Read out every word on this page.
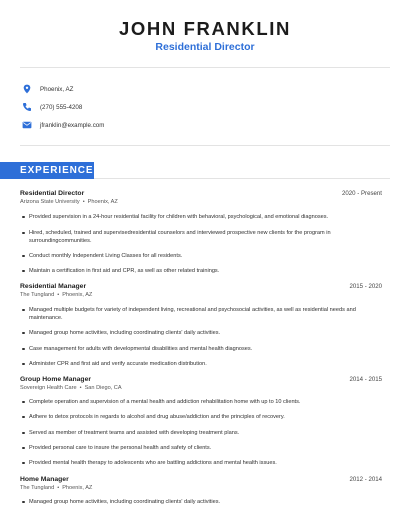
JOHN FRANKLIN
Residential Director
Phoenix, AZ
(270) 555-4208
jfranklin@example.com
EXPERIENCE
Residential Director	2020 - Present
Arizona State University • Phoenix, AZ
Provided supervision in a 24-hour residential facility for children with behavioral, psychological, and emotional diagnoses.
Hired, scheduled, trained and supervisedresidential counselors and interviewed prospective new clients for the program in surroundingcommunities.
Conduct monthly Independent Living Classes for all residents.
Maintain a certification in first aid and CPR, as well as other related trainings.
Residential Manager	2015 - 2020
The Tungland • Phoenix, AZ
Managed multiple budgets for variety of independent living, recreational and psychosocial activities, as well as residential needs and maintenance.
Managed group home activities, including coordinating clients' daily activities.
Case management for adults with developmental disabilities and mental health diagnoses.
Administer CPR and first aid and verify accurate medication distribution.
Group Home Manager	2014 - 2015
Sovereign Health Care • San Diego, CA
Complete operation and supervision of a mental health and addiction rehabilitation home with up to 10 clients.
Adhere to detox protocols in regards to alcohol and drug abuse/addiction and the principles of recovery.
Served as member of treatment teams and assisted with developing treatment plans.
Provided personal care to insure the personal health and safety of clients.
Provided mental health therapy to adolescents who are battling addictions and mental health issues.
Home Manager	2012 - 2014
The Tungland • Phoenix, AZ
Managed group home activities, including coordinating clients' daily activities.
